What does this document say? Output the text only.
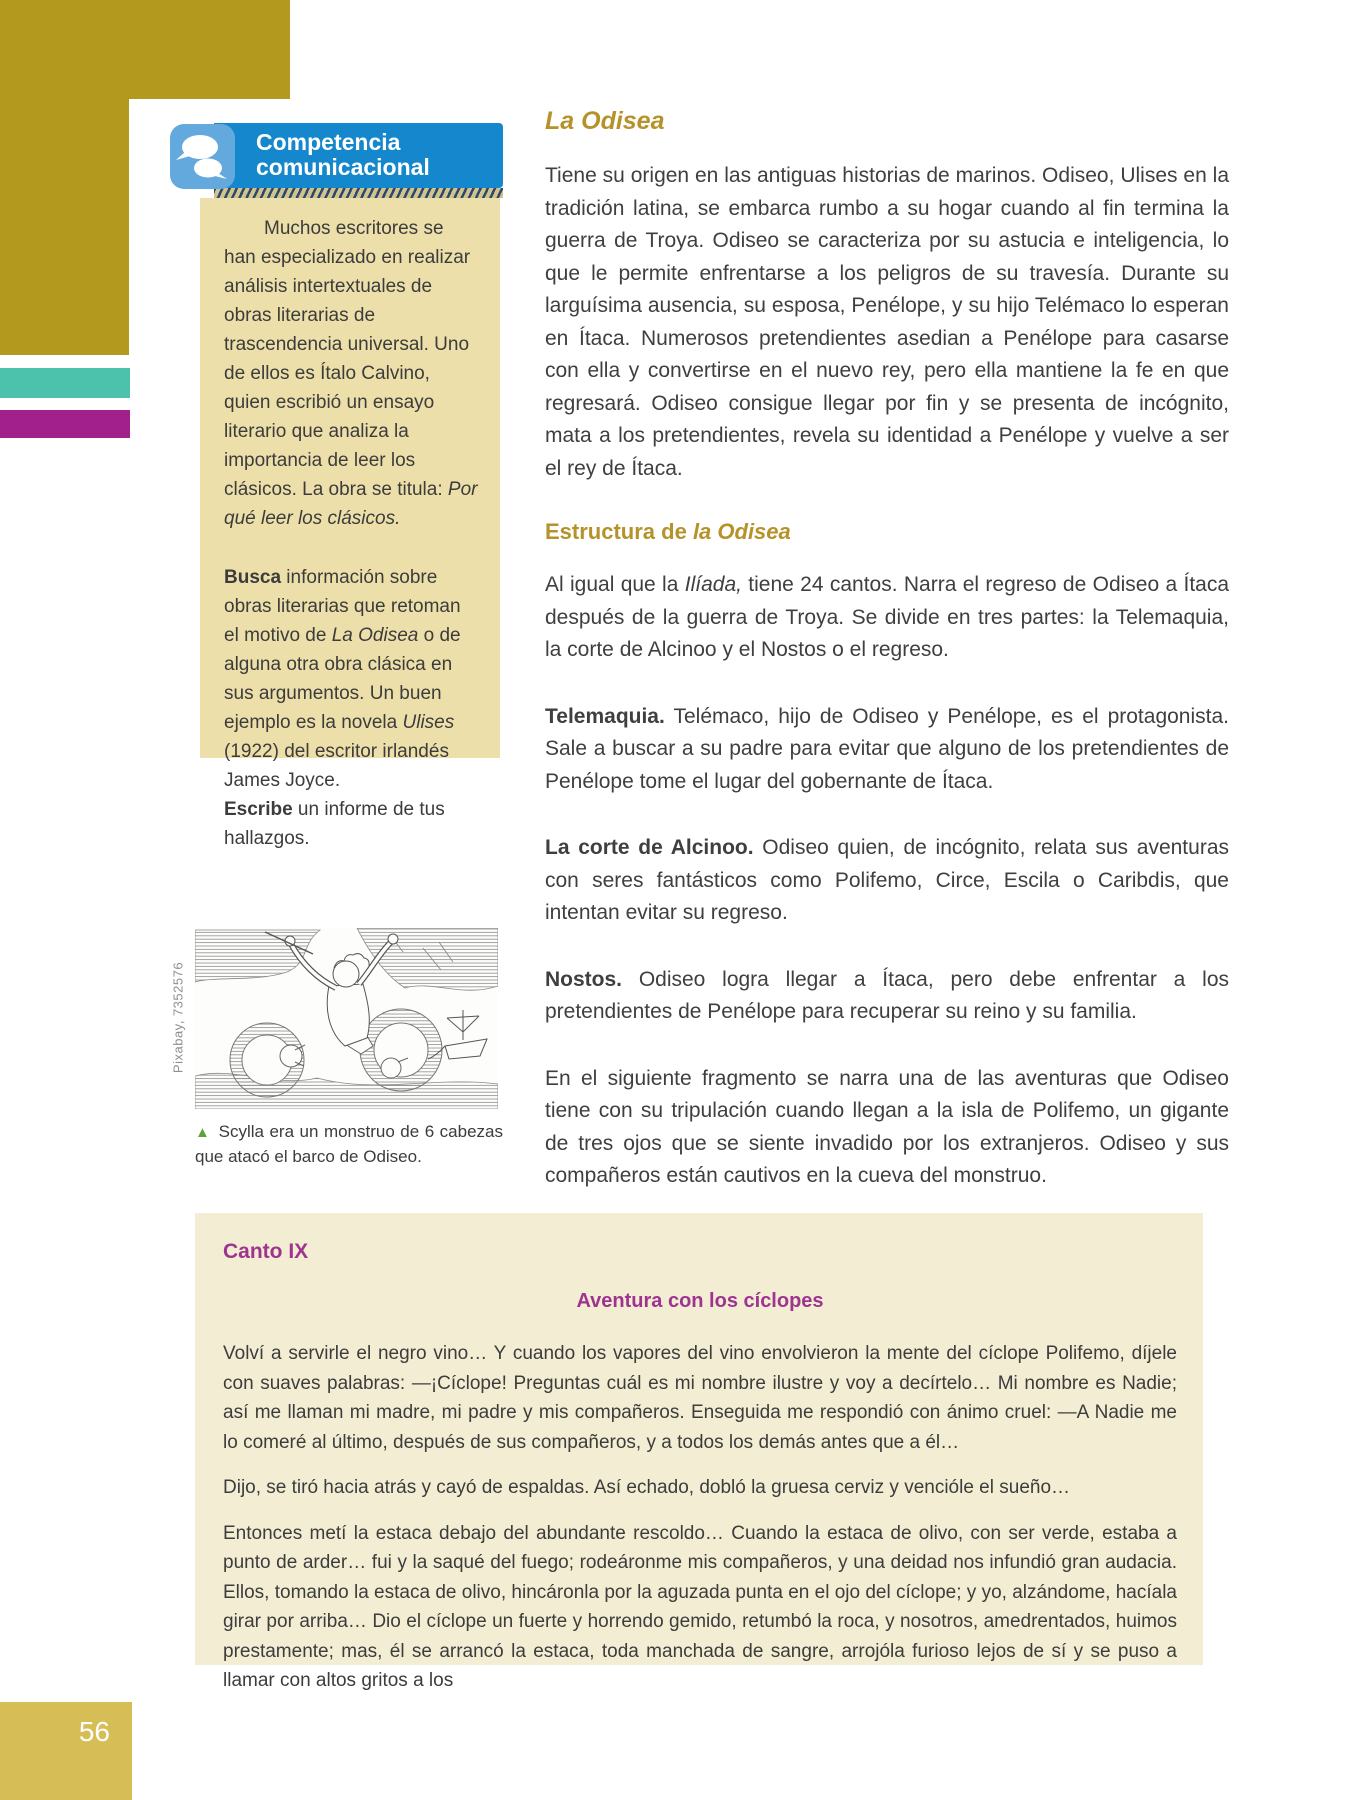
56
Competencia
comunicacional

Muchos escritores se han especializado en realizar análisis intertextuales de obras literarias de trascendencia universal. Uno de ellos es Ítalo Calvino, quien escribió un ensayo literario que analiza la importancia de leer los clásicos. La obra se titula: Por qué leer los clásicos.

Busca información sobre obras literarias que retoman el motivo de La Odisea o de alguna otra obra clásica en sus argumentos. Un buen ejemplo es la novela Ulises (1922) del escritor irlandés James Joyce.

Escribe un informe de tus hallazgos.

Pixabay, 7352576
▲ Scylla era un monstruo de 6 cabezas que atacó el barco de Odiseo.
La Odisea

Tiene su origen en las antiguas historias de marinos. Odiseo, Ulises en la tradición latina, se embarca rumbo a su hogar cuando al fin termina la guerra de Troya. Odiseo se caracteriza por su astucia e inteligencia, lo que le permite enfrentarse a los peligros de su travesía. Durante su larguísima ausencia, su esposa, Penélope, y su hijo Telémaco lo esperan en Ítaca. Numerosos pretendientes asedian a Penélope para casarse con ella y convertirse en el nuevo rey, pero ella mantiene la fe en que regresará. Odiseo consigue llegar por fin y se presenta de incógnito, mata a los pretendientes, revela su identidad a Penélope y vuelve a ser el rey de Ítaca.

Estructura de la Odisea

Al igual que la Ilíada, tiene 24 cantos. Narra el regreso de Odiseo a Ítaca después de la guerra de Troya. Se divide en tres partes: la Telemaquia, la corte de Alcinoo y el Nostos o el regreso.

Telemaquia. Telémaco, hijo de Odiseo y Penélope, es el protagonista. Sale a buscar a su padre para evitar que alguno de los pretendientes de Penélope tome el lugar del gobernante de Ítaca.

La corte de Alcinoo. Odiseo quien, de incógnito, relata sus aventuras con seres fantásticos como Polifemo, Circe, Escila o Caribdis, que intentan evitar su regreso.

Nostos. Odiseo logra llegar a Ítaca, pero debe enfrentar a los pretendientes de Penélope para recuperar su reino y su familia.

En el siguiente fragmento se narra una de las aventuras que Odiseo tiene con su tripulación cuando llegan a la isla de Polifemo, un gigante de tres ojos que se siente invadido por los extranjeros. Odiseo y sus compañeros están cautivos en la cueva del monstruo.

Canto IX
Aventura con los cíclopes

Volví a servirle el negro vino… Y cuando los vapores del vino envolvieron la mente del cíclope Polifemo, díjele con suaves palabras: —¡Cíclope! Preguntas cuál es mi nombre ilustre y voy a decírtelo… Mi nombre es Nadie; así me llaman mi madre, mi padre y mis compañeros. Enseguida me respondió con ánimo cruel: —A Nadie me lo comeré al último, después de sus compañeros, y a todos los demás antes que a él…

Dijo, se tiró hacia atrás y cayó de espaldas. Así echado, dobló la gruesa cerviz y vencióle el sueño…

Entonces metí la estaca debajo del abundante rescoldo… Cuando la estaca de olivo, con ser verde, estaba a punto de arder… fui y la saqué del fuego; rodeáronme mis compañeros, y una deidad nos infundió gran audacia. Ellos, tomando la estaca de olivo, hincáronla por la aguzada punta en el ojo del cíclope; y yo, alzándome, hacíala girar por arriba… Dio el cíclope un fuerte y horrendo gemido, retumbó la roca, y nosotros, amedrentados, huimos prestamente; mas, él se arrancó la estaca, toda manchada de sangre, arrojóla furioso lejos de sí y se puso a llamar con altos gritos a los
